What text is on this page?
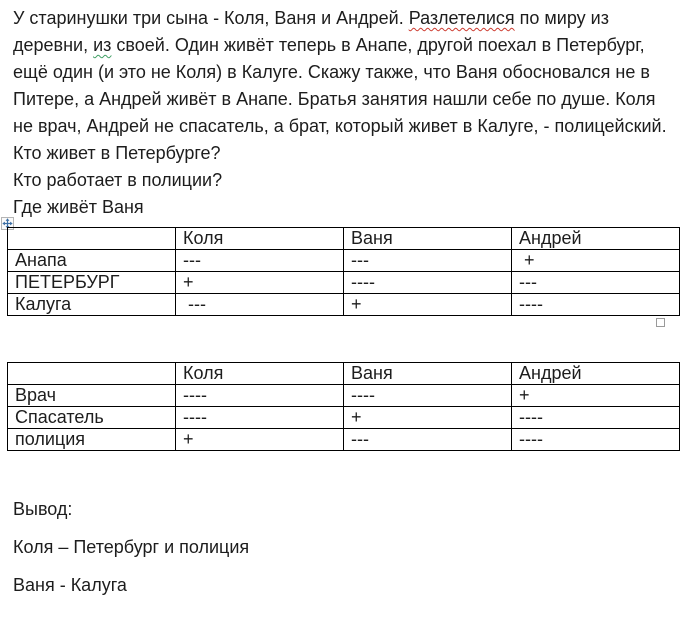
У старинушки три сына - Коля, Ваня и Андрей. Разлетелися по миру из
деревни, из своей. Один живёт теперь в Анапе, другой поехал в Петербург,
ещё один (и это не Коля) в Калуге. Скажу также, что Ваня обосновался не в
Питере, а Андрей живёт в Анапе. Братья занятия нашли себе по душе. Коля
не врач, Андрей не спасатель, а брат, который живет в Калуге, - полицейский.
Кто живет в Петербурге?
Кто работает в полиции?
Где живёт Ваня
	Коля	Ваня	Андрей
Анапа	---	---	+
ПЕТЕРБУРГ	+	----	---
Калуга	---	+	----
	Коля	Ваня	Андрей
Врач	----	----	+
Спасатель	----	+	----
полиция	+	---	----
Вывод:
Коля – Петербург и полиция
Ваня - Калуга
